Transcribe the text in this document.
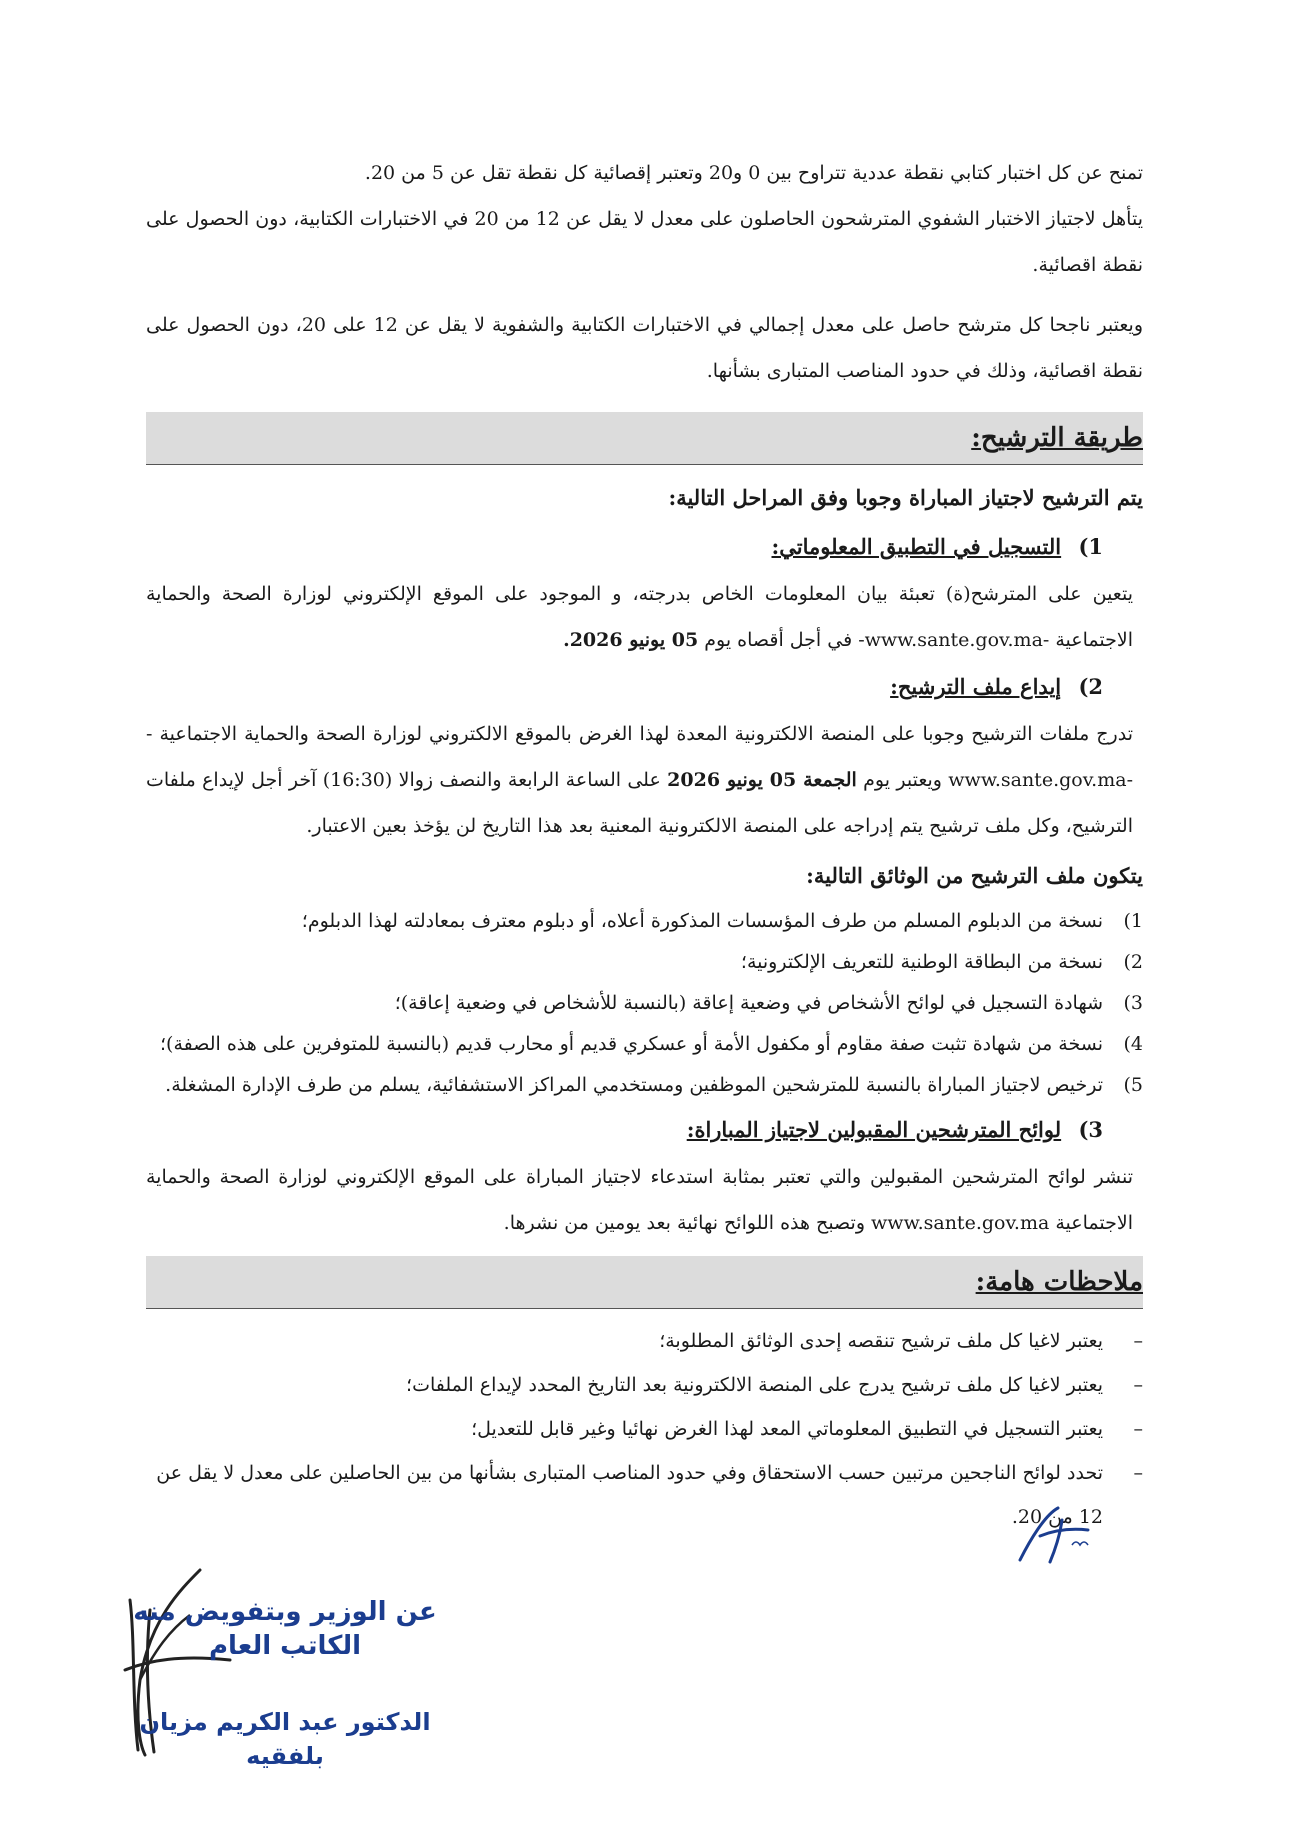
تمنح عن كل اختبار كتابي نقطة عددية تتراوح بين 0 و20 وتعتبر إقصائية كل نقطة تقل عن 5 من 20.

يتأهل لاجتياز الاختبار الشفوي المترشحون الحاصلون على معدل لا يقل عن 12 من 20 في الاختبارات الكتابية، دون الحصول على نقطة اقصائية.

ويعتبر ناجحا كل مترشح حاصل على معدل إجمالي في الاختبارات الكتابية والشفوية لا يقل عن 12 على 20، دون الحصول على نقطة اقصائية، وذلك في حدود المناصب المتبارى بشأنها.

طريقة الترشيح:
يتم الترشيح لاجتياز المباراة وجوبا وفق المراحل التالية:
1) التسجيل في التطبيق المعلوماتي:

يتعين على المترشح(ة) تعبئة بيان المعلومات الخاص بدرجته، و الموجود على الموقع الإلكتروني لوزارة الصحة والحماية الاجتماعية -www.sante.gov.ma- في أجل أقصاه يوم 05 يونيو 2026.

2) إيداع ملف الترشيح:

تدرج ملفات الترشيح وجوبا على المنصة الالكترونية المعدة لهذا الغرض بالموقع الالكتروني لوزارة الصحة والحماية الاجتماعية -www.sante.gov.ma- ويعتبر يوم الجمعة 05 يونيو 2026 على الساعة الرابعة والنصف زوالا (16:30) آخر أجل لإيداع ملفات الترشيح، وكل ملف ترشيح يتم إدراجه على المنصة الالكترونية المعنية بعد هذا التاريخ لن يؤخذ بعين الاعتبار.

يتكون ملف الترشيح من الوثائق التالية:
1)
نسخة من الدبلوم المسلم من طرف المؤسسات المذكورة أعلاه، أو دبلوم معترف بمعادلته لهذا الدبلوم؛
2)
نسخة من البطاقة الوطنية للتعريف الإلكترونية؛
3)
شهادة التسجيل في لوائح الأشخاص في وضعية إعاقة (بالنسبة للأشخاص في وضعية إعاقة)؛
4)
نسخة من شهادة تثبت صفة مقاوم أو مكفول الأمة أو عسكري قديم أو محارب قديم (بالنسبة للمتوفرين على هذه الصفة)؛
5)
ترخيص لاجتياز المباراة بالنسبة للمترشحين الموظفين ومستخدمي المراكز الاستشفائية، يسلم من طرف الإدارة المشغلة.
3) لوائح المترشحين المقبولين لاجتياز المباراة:

تنشر لوائح المترشحين المقبولين والتي تعتبر بمثابة استدعاء لاجتياز المباراة على الموقع الإلكتروني لوزارة الصحة والحماية الاجتماعية www.sante.gov.ma وتصبح هذه اللوائح نهائية بعد يومين من نشرها.

ملاحظات هامة:
–
يعتبر لاغيا كل ملف ترشيح تنقصه إحدى الوثائق المطلوبة؛
–
يعتبر لاغيا كل ملف ترشيح يدرج على المنصة الالكترونية بعد التاريخ المحدد لإيداع الملفات؛
–
يعتبر التسجيل في التطبيق المعلوماتي المعد لهذا الغرض نهائيا وغير قابل للتعديل؛
–
تحدد لوائح الناجحين مرتبين حسب الاستحقاق وفي حدود المناصب المتبارى بشأنها من بين الحاصلين على معدل لا يقل عن 12 من 20.
عن الوزير وبتفويض منه
الكاتب العام
الدكتور عبد الكريم مزيان بلفقيه
